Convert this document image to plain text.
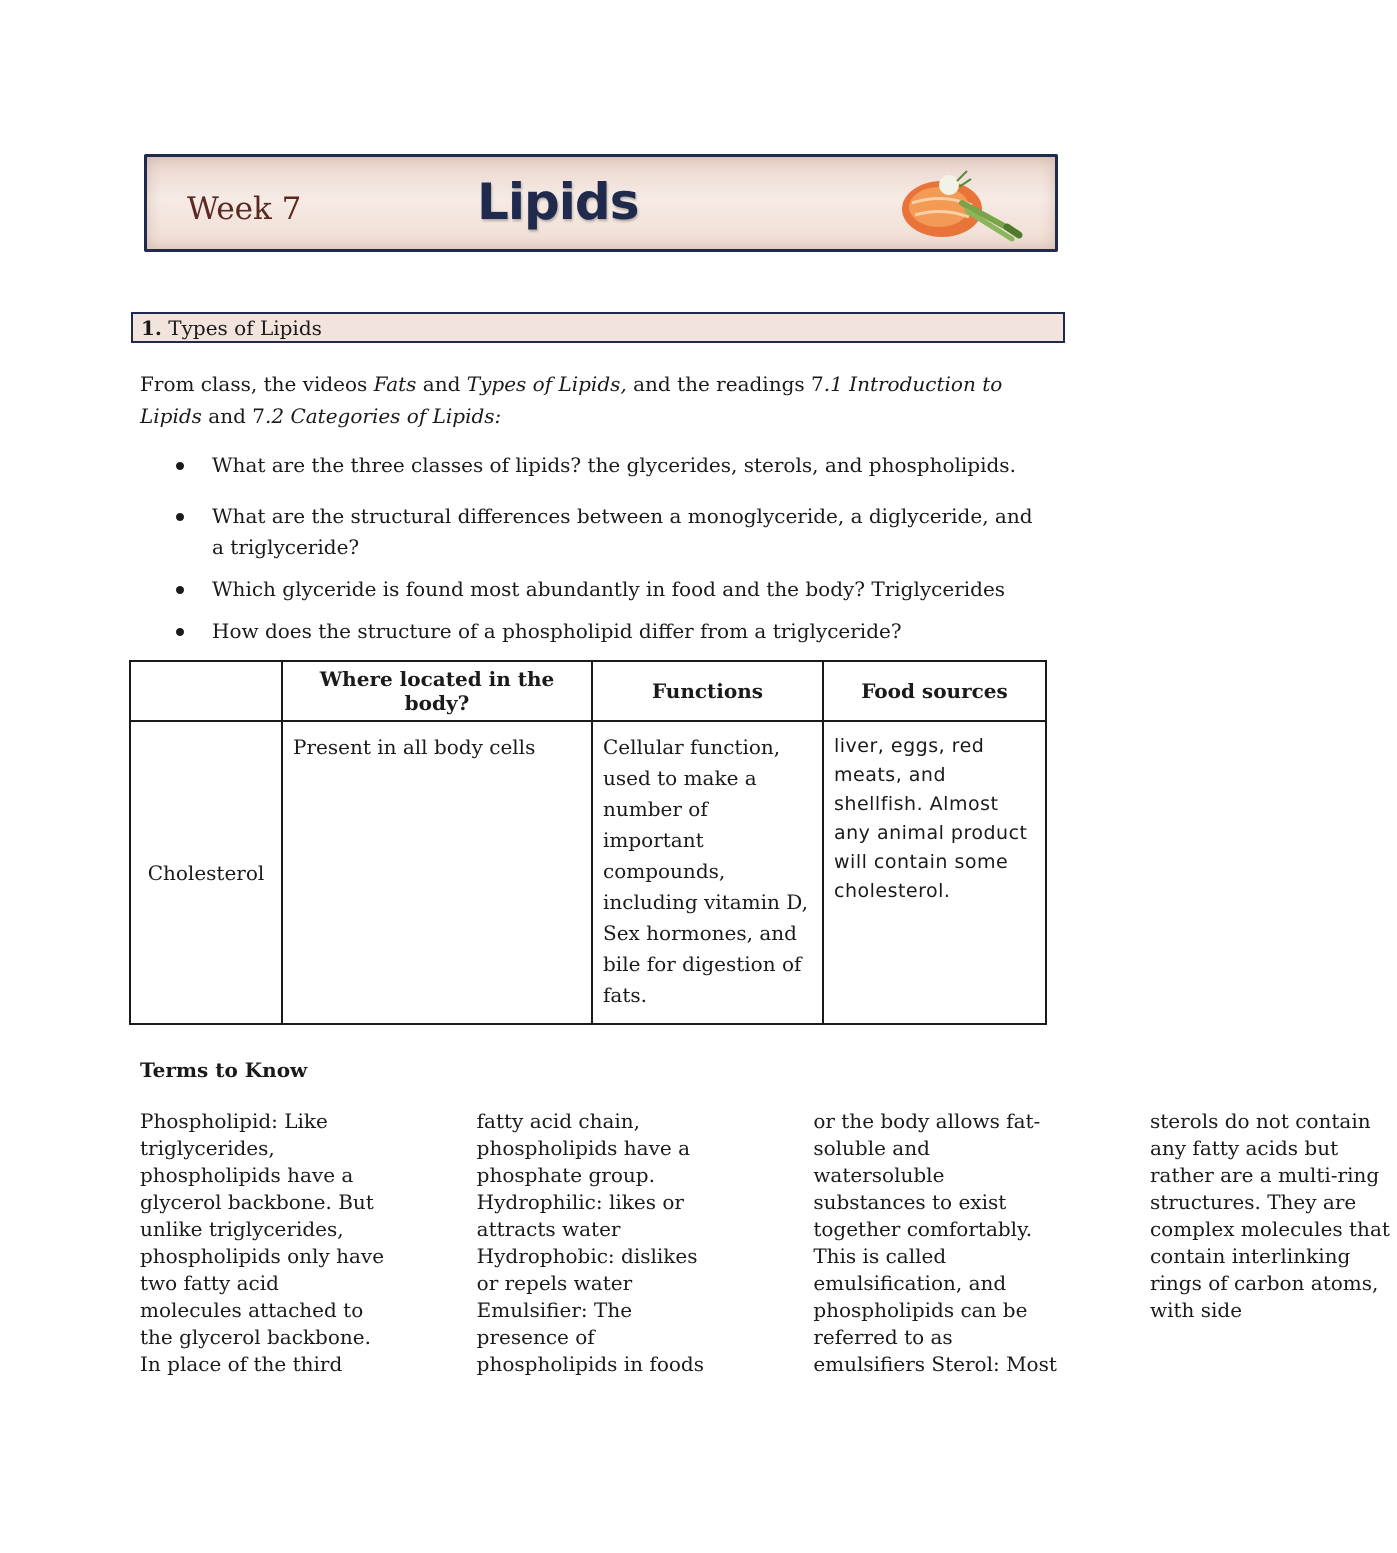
Week 7	Lipids
1. Types of Lipids

From class, the videos Fats and Types of Lipids, and the readings 7.1 Introduction to Lipids and 7.2 Categories of Lipids:

What are the three classes of lipids? the glycerides, sterols, and phospholipids.
What are the structural differences between a monoglyceride, a diglyceride, and a triglyceride?
Which glyceride is found most abundantly in food and the body? Triglycerides
How does the structure of a phospholipid differ from a triglyceride?
	Where located in the body?	Functions	Food sources
Cholesterol	Present in all body cells	Cellular function, used to make a number of important compounds, including vitamin D, Sex hormones, and bile for digestion of fats.	liver, eggs, red meats, and shellfish. Almost any animal product will contain some cholesterol.
Terms to Know

Phospholipid: Like triglycerides, phospholipids have a glycerol backbone. But unlike triglycerides, phospholipids only have two fatty acid molecules attached to the glycerol backbone. In place of the third fatty acid chain, phospholipids have a phosphate group. Hydrophilic: likes or attracts water Hydrophobic: dislikes or repels water Emulsifier: The presence of phospholipids in foods or the body allows fat-soluble and watersoluble substances to exist together comfortably. This is called emulsification, and phospholipids can be referred to as emulsifiers Sterol: Most sterols do not contain any fatty acids but rather are a multi-ring structures. They are complex molecules that contain interlinking rings of carbon atoms, with side
